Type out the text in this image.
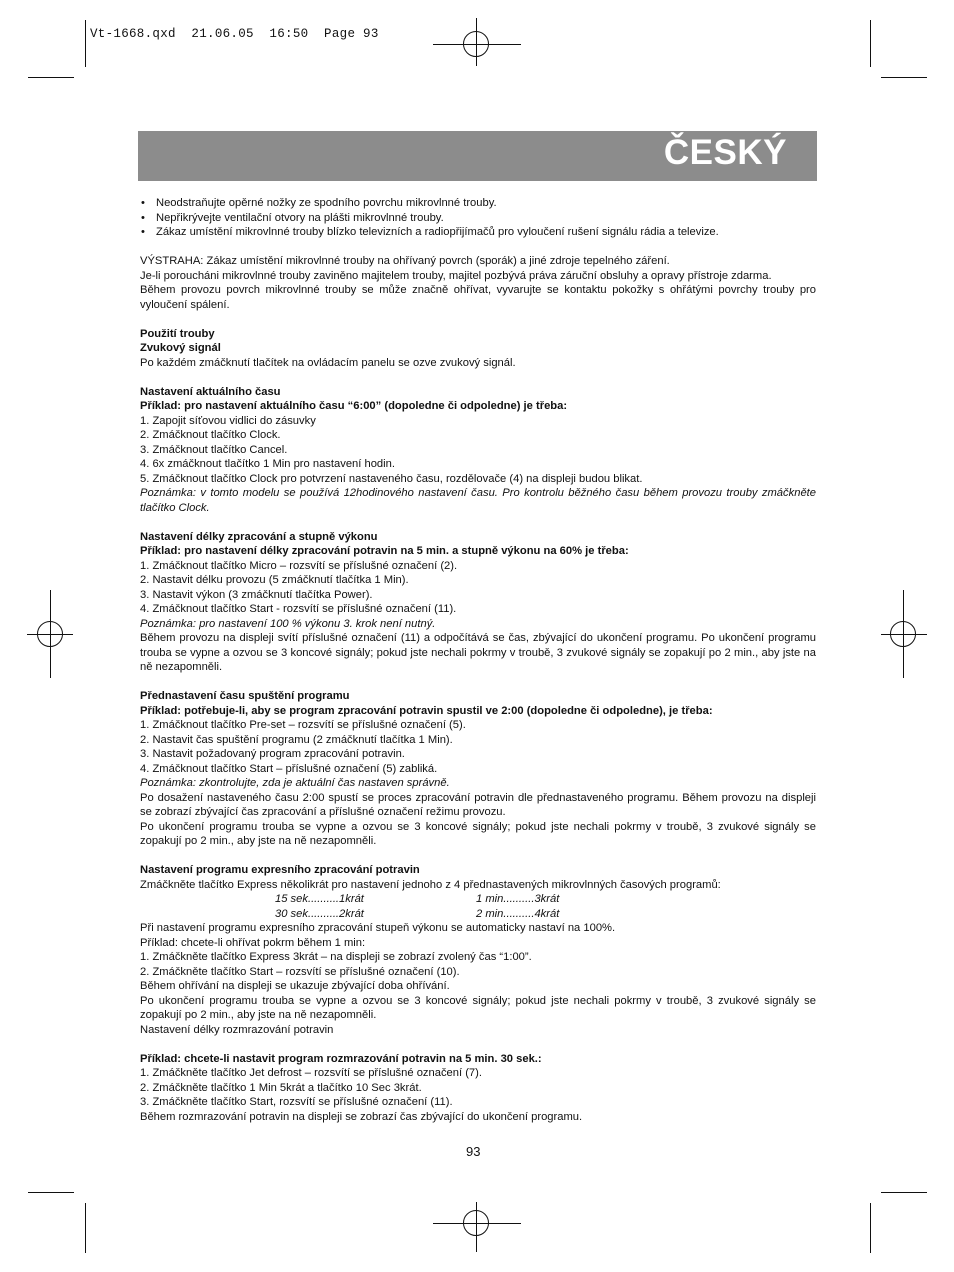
Vt-1668.qxd  21.06.05  16:50  Page 93
ČESKÝ

• Neodstraňujte opěrné nožky ze spodního povrchu mikrovlnné trouby.

• Nepřikrývejte ventilační otvory na plášti mikrovlnné trouby.

• Zákaz umístění mikrovlnné trouby blízko televizních a radiopřijímačů pro vyloučení rušení signálu rádia a televize.

VÝSTRAHA: Zákaz umístění mikrovlnné trouby na ohřívaný povrch (sporák) a jiné zdroje tepelného záření.

Je-li poroucháni mikrovlnné trouby zaviněno majitelem trouby, majitel pozbývá práva záruční obsluhy a opravy přístroje zdarma.

Během provozu povrch mikrovlnné trouby se může značně ohřívat, vyvarujte se kontaktu pokožky s ohřátými povrchy trouby pro vyloučení spálení.

Použití trouby

Zvukový signál

Po každém zmáčknutí tlačítek na ovládacím panelu se ozve zvukový signál.

Nastavení aktuálního času

Příklad: pro nastavení aktuálního času “6:00” (dopoledne či odpoledne) je třeba:

1. Zapojit síťovou vidlici do zásuvky

2. Zmáčknout tlačítko Clock.

3. Zmáčknout tlačítko Cancel.

4. 6x zmáčknout tlačítko 1 Min pro nastavení hodin.

5. Zmáčknout tlačítko Clock pro potvrzení nastaveného času, rozdělovače (4) na displeji budou blikat.

Poznámka: v tomto modelu se používá 12hodinového nastavení času. Pro kontrolu běžného času během provozu trouby zmáčkněte tlačítko Clock.

Nastavení délky zpracování a stupně výkonu

Příklad: pro nastavení délky zpracování potravin na 5 min. a stupně výkonu na 60% je třeba:

1. Zmáčknout tlačítko Micro – rozsvítí se příslušné označení (2).

2. Nastavit délku provozu (5 zmáčknutí tlačítka 1 Min).

3. Nastavit výkon (3 zmáčknutí tlačítka Power).

4. Zmáčknout tlačítko Start - rozsvítí se příslušné označení (11).

Poznámka: pro nastavení 100 % výkonu 3. krok není nutný.

Během provozu na displeji svítí příslušné označení (11) a odpočítává se čas, zbývající do ukončení programu. Po ukončení programu trouba se vypne a ozvou se 3 koncové signály; pokud jste nechali pokrmy v troubě, 3 zvukové signály se zopakují po 2 min., aby jste na ně nezapomněli.

Přednastavení času spuštění programu

Příklad: potřebuje-li, aby se program zpracování potravin spustil ve 2:00 (dopoledne či odpoledne), je třeba:

1. Zmáčknout tlačítko Pre-set – rozsvítí se příslušné označení (5).

2. Nastavit čas spuštění programu (2 zmáčknutí tlačítka 1 Min).

3. Nastavit požadovaný program zpracování potravin.

4. Zmáčknout tlačítko Start – příslušné označení (5) zabliká.

Poznámka: zkontrolujte, zda je aktuální čas nastaven správně.

Po dosažení nastaveného času 2:00 spustí se proces zpracování potravin dle přednastaveného programu. Během provozu na displeji se zobrazí zbývající čas zpracování a příslušné označení režimu provozu.

Po ukončení programu trouba se vypne a ozvou se 3 koncové signály; pokud jste nechali pokrmy v troubě, 3 zvukové signály se zopakují po 2 min., aby jste na ně nezapomněli.

Nastavení programu expresního zpracování potravin

Zmáčkněte tlačítko Express několikrát pro nastavení jednoho z 4 přednastavených mikrovlnných časových programů:

15 sek..........1krát	1 min..........3krát
30 sek..........2krát	2 min..........4krát

Při nastavení programu expresního zpracování stupeň výkonu se automaticky nastaví na 100%.

Příklad: chcete-li ohřívat pokrm během 1 min:

1. Zmáčkněte tlačítko Express 3krát – na displeji se zobrazí zvolený čas “1:00”.

2. Zmáčkněte tlačítko Start – rozsvítí se příslušné označení (10).

Během ohřívání na displeji se ukazuje zbývající doba ohřívání.

Po ukončení programu trouba se vypne a ozvou se 3 koncové signály; pokud jste nechali pokrmy v troubě, 3 zvukové signály se zopakují po 2 min., aby jste na ně nezapomněli.

Nastavení délky rozmrazování potravin

Příklad: chcete-li nastavit program rozmrazování potravin na 5 min. 30 sek.:

1. Zmáčkněte tlačítko Jet defrost – rozsvítí se příslušné označení (7).

2. Zmáčkněte tlačítko 1 Min 5krát a tlačítko 10 Sec 3krát.

3. Zmáčkněte tlačítko Start, rozsvítí se příslušné označení (11).

Během rozmrazování potravin na displeji se zobrazí čas zbývající do ukončení programu.

93
